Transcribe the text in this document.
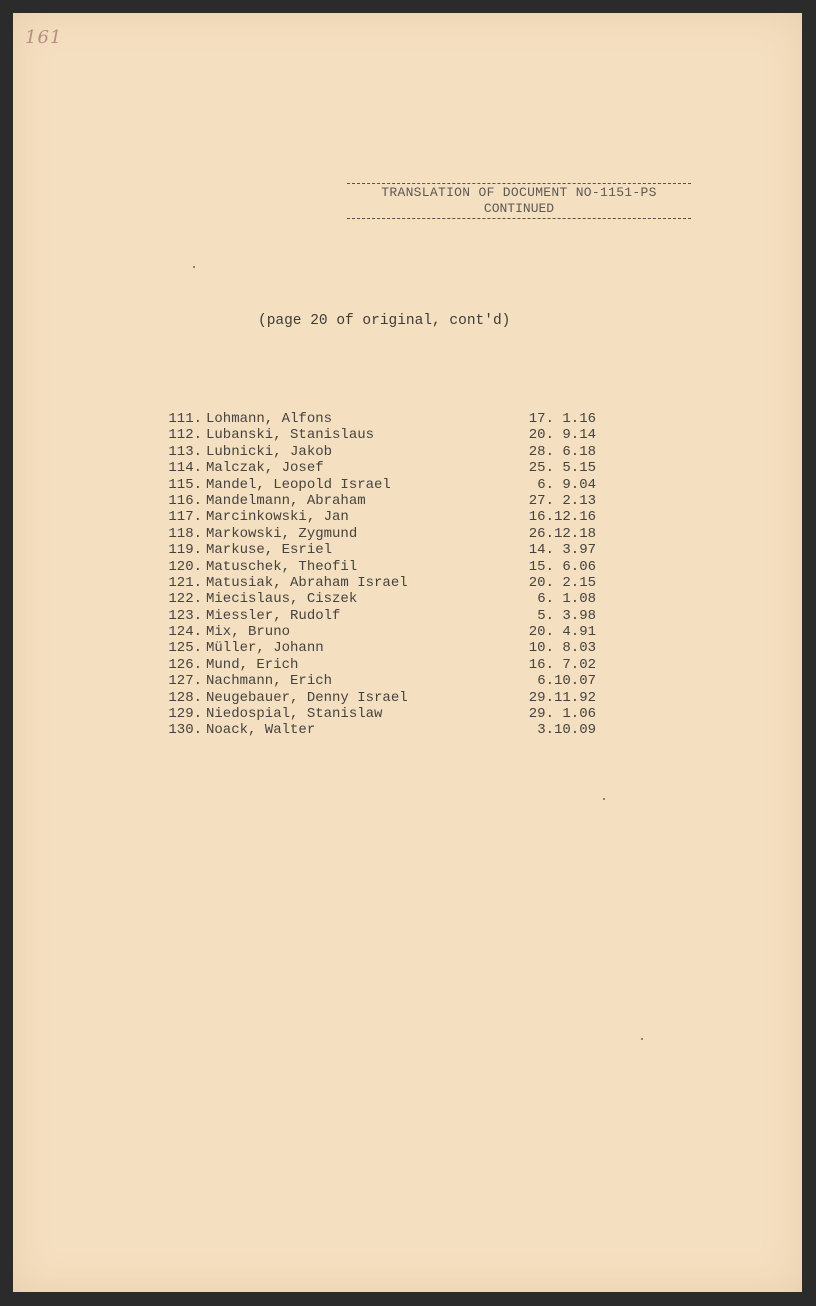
161
TRANSLATION OF DOCUMENT NO-1151-PS
CONTINUED
(page 20 of original, cont'd)
111. Lohmann, Alfons	17. 1.16
112. Lubanski, Stanislaus	20. 9.14
113. Lubnicki, Jakob	28. 6.18
114. Malczak, Josef	25. 5.15
115. Mandel, Leopold Israel	6. 9.04
116. Mandelmann, Abraham	27. 2.13
117. Marcinkowski, Jan	16.12.16
118. Markowski, Zygmund	26.12.18
119. Markuse, Esriel	14. 3.97
120. Matuschek, Theofil	15. 6.06
121. Matusiak, Abraham Israel	20. 2.15
122. Miecislaus, Ciszek	6. 1.08
123. Miessler, Rudolf	5. 3.98
124. Mix, Bruno	20. 4.91
125. Müller, Johann	10. 8.03
126. Mund, Erich	16. 7.02
127. Nachmann, Erich	6.10.07
128. Neugebauer, Denny Israel	29.11.92
129. Niedospial, Stanislaw	29. 1.06
130. Noack, Walter	3.10.09
